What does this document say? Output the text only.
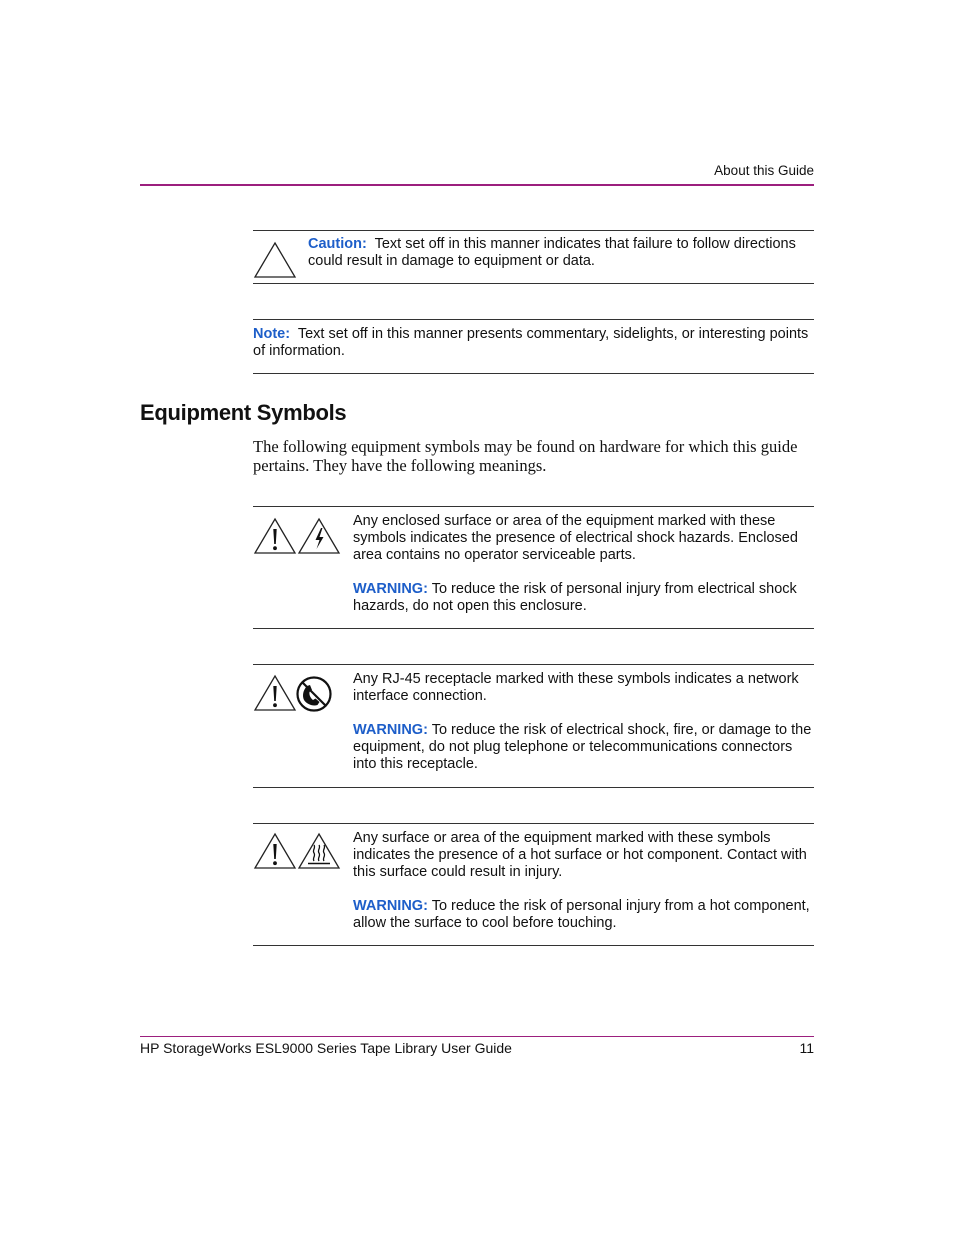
About this Guide
Caution: Text set off in this manner indicates that failure to follow directions could result in damage to equipment or data.
Note: Text set off in this manner presents commentary, sidelights, or interesting points of information.
Equipment Symbols
The following equipment symbols may be found on hardware for which this guide pertains. They have the following meanings.

Any enclosed surface or area of the equipment marked with these symbols indicates the presence of electrical shock hazards. Enclosed area contains no operator serviceable parts.

WARNING: To reduce the risk of personal injury from electrical shock hazards, do not open this enclosure.

Any RJ-45 receptacle marked with these symbols indicates a network interface connection.

WARNING: To reduce the risk of electrical shock, fire, or damage to the equipment, do not plug telephone or telecommunications connectors into this receptacle.

Any surface or area of the equipment marked with these symbols indicates the presence of a hot surface or hot component. Contact with this surface could result in injury.

WARNING: To reduce the risk of personal injury from a hot component, allow the surface to cool before touching.

HP StorageWorks ESL9000 Series Tape Library User Guide	11
